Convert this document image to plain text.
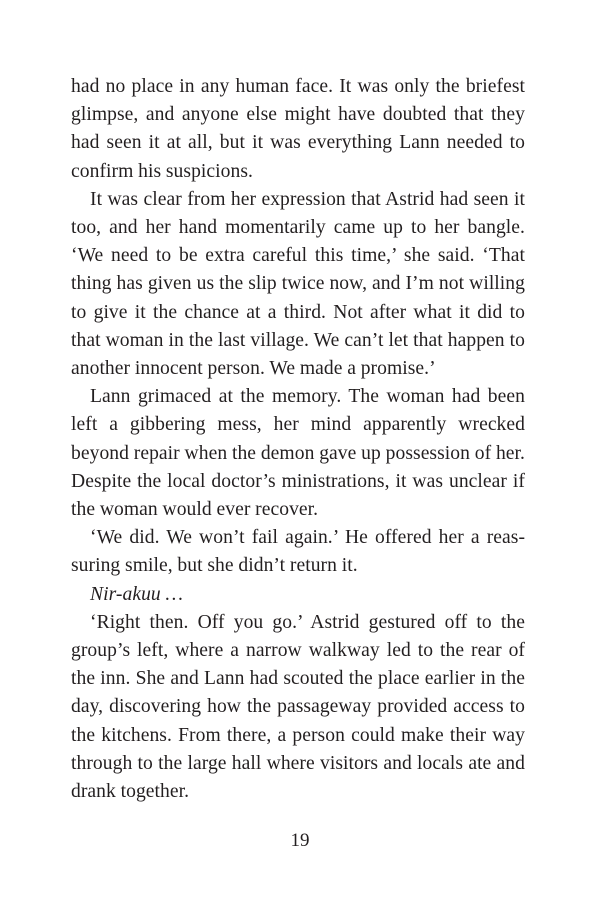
had no place in any human face. It was only the briefest glimpse, and anyone else might have doubted that they had seen it at all, but it was everything Lann needed to confirm his suspicions.

It was clear from her expression that Astrid had seen it too, and her hand momentarily came up to her bangle. ‘We need to be extra careful this time,’ she said. ‘That thing has given us the slip twice now, and I’m not willing to give it the chance at a third. Not after what it did to that woman in the last village. We can’t let that happen to another innocent person. We made a promise.’

Lann grimaced at the memory. The woman had been left a gibbering mess, her mind apparently wrecked beyond repair when the demon gave up possession of her. Despite the local doctor’s ministrations, it was unclear if the woman would ever recover.

‘We did. We won’t fail again.’ He offered her a reassuring smile, but she didn’t return it.

Nir-akuu …

‘Right then. Off you go.’ Astrid gestured off to the group’s left, where a narrow walkway led to the rear of the inn. She and Lann had scouted the place earlier in the day, discovering how the passageway provided access to the kitchens. From there, a person could make their way through to the large hall where visitors and locals ate and drank together.

19
